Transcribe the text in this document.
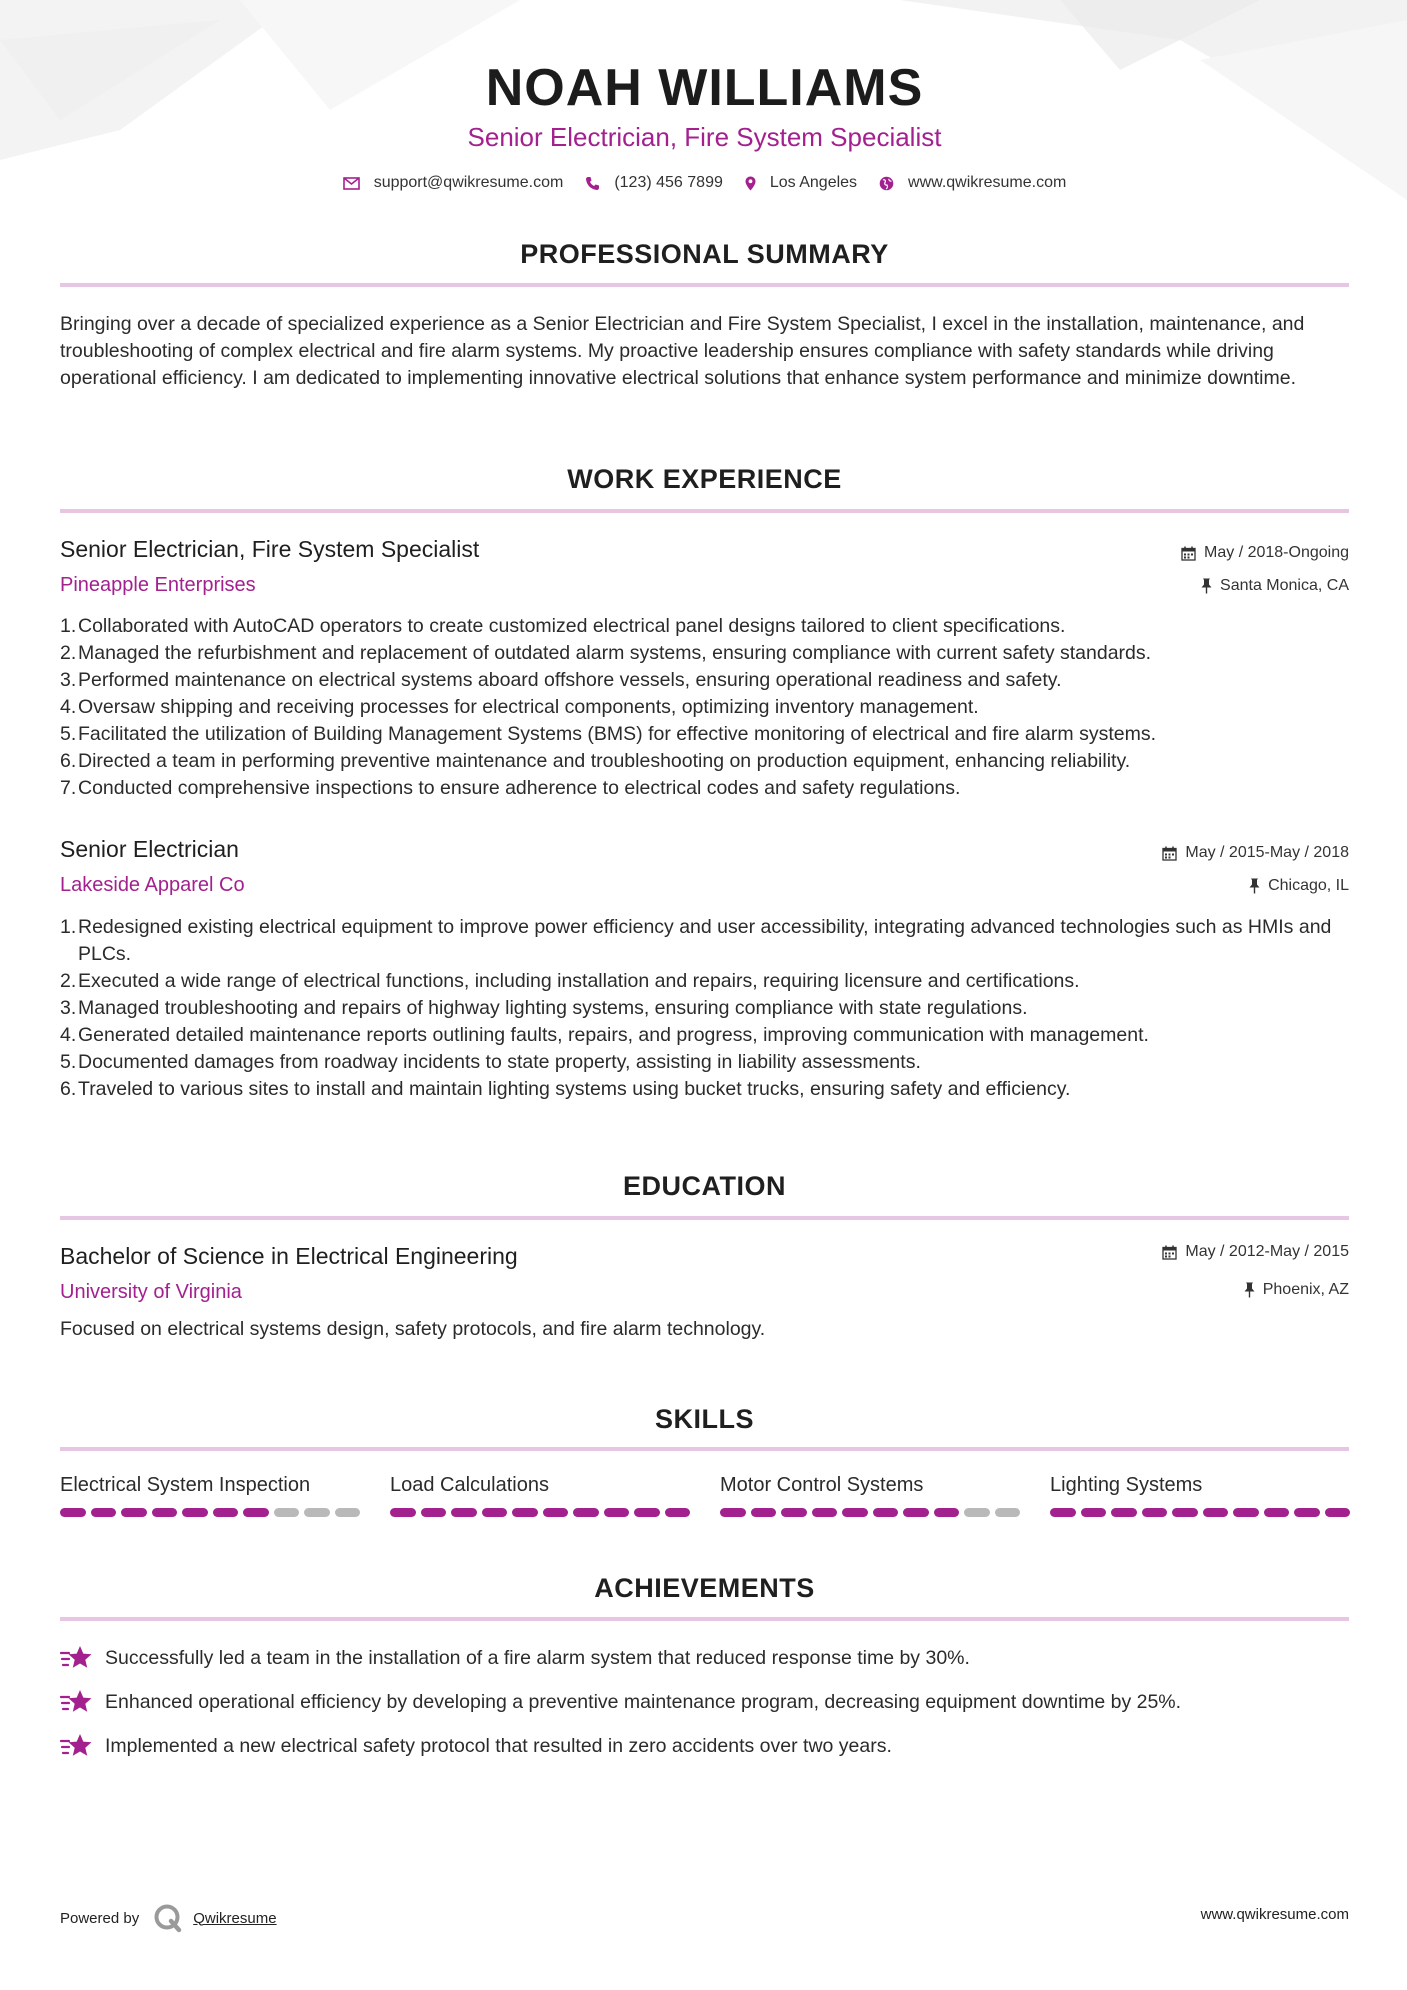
NOAH WILLIAMS
Senior Electrician, Fire System Specialist
support@qwikresume.com	(123) 456 7899	Los Angeles	www.qwikresume.com
PROFESSIONAL SUMMARY

Bringing over a decade of specialized experience as a Senior Electrician and Fire System Specialist, I excel in the installation, maintenance, and troubleshooting of complex electrical and fire alarm systems. My proactive leadership ensures compliance with safety standards while driving operational efficiency. I am dedicated to implementing innovative electrical solutions that enhance system performance and minimize downtime.

WORK EXPERIENCE
Senior Electrician, Fire System Specialist
Pineapple Enterprises
May / 2018-Ongoing
Santa Monica, CA
1. Collaborated with AutoCAD operators to create customized electrical panel designs tailored to client specifications.
2. Managed the refurbishment and replacement of outdated alarm systems, ensuring compliance with current safety standards.
3. Performed maintenance on electrical systems aboard offshore vessels, ensuring operational readiness and safety.
4. Oversaw shipping and receiving processes for electrical components, optimizing inventory management.
5. Facilitated the utilization of Building Management Systems (BMS) for effective monitoring of electrical and fire alarm systems.
6. Directed a team in performing preventive maintenance and troubleshooting on production equipment, enhancing reliability.
7. Conducted comprehensive inspections to ensure adherence to electrical codes and safety regulations.
Senior Electrician
Lakeside Apparel Co
May / 2015-May / 2018
Chicago, IL
1. Redesigned existing electrical equipment to improve power efficiency and user accessibility, integrating advanced technologies such as HMIs and PLCs.
2. Executed a wide range of electrical functions, including installation and repairs, requiring licensure and certifications.
3. Managed troubleshooting and repairs of highway lighting systems, ensuring compliance with state regulations.
4. Generated detailed maintenance reports outlining faults, repairs, and progress, improving communication with management.
5. Documented damages from roadway incidents to state property, assisting in liability assessments.
6. Traveled to various sites to install and maintain lighting systems using bucket trucks, ensuring safety and efficiency.
EDUCATION
Bachelor of Science in Electrical Engineering
University of Virginia
May / 2012-May / 2015
Phoenix, AZ
Focused on electrical systems design, safety protocols, and fire alarm technology.
SKILLS
Electrical System Inspection	Load Calculations	Motor Control Systems	Lighting Systems
ACHIEVEMENTS
Successfully led a team in the installation of a fire alarm system that reduced response time by 30%.
Enhanced operational efficiency by developing a preventive maintenance program, decreasing equipment downtime by 25%.
Implemented a new electrical safety protocol that resulted in zero accidents over two years.
Powered by	Qwikresume	www.qwikresume.com
